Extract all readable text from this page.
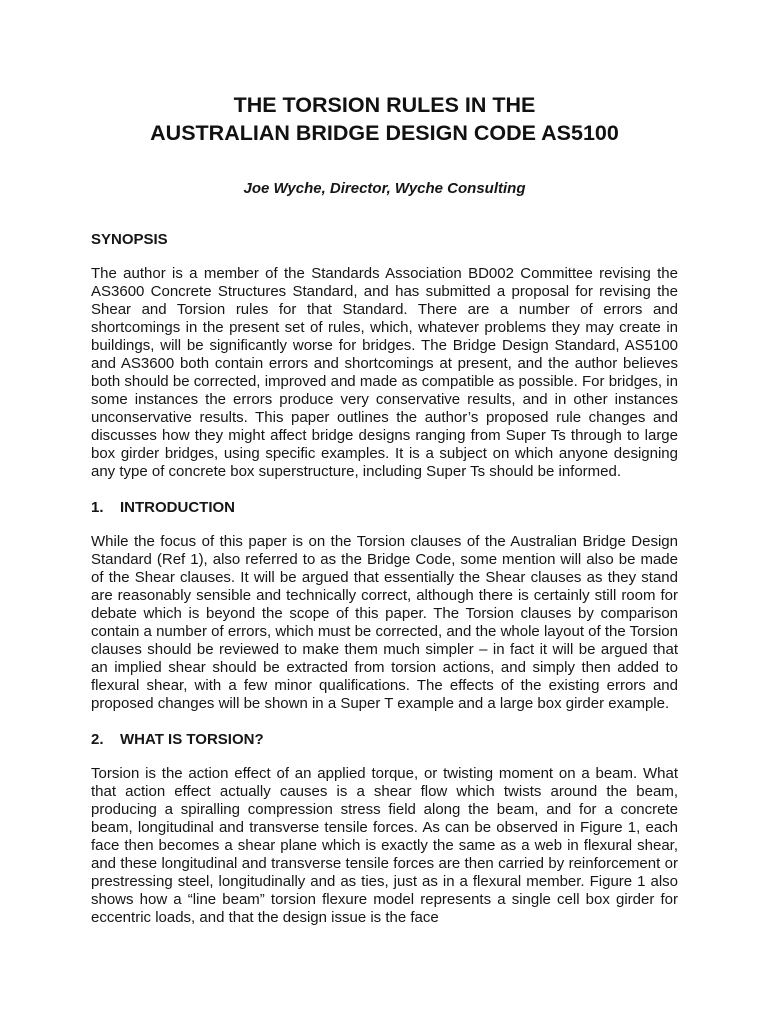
THE TORSION RULES IN THE
AUSTRALIAN BRIDGE DESIGN CODE AS5100

Joe Wyche, Director, Wyche Consulting

SYNOPSIS

The author is a member of the Standards Association BD002 Committee revising the AS3600 Concrete Structures Standard, and has submitted a proposal for revising the Shear and Torsion rules for that Standard. There are a number of errors and shortcomings in the present set of rules, which, whatever problems they may create in buildings, will be significantly worse for bridges. The Bridge Design Standard, AS5100 and AS3600 both contain errors and shortcomings at present, and the author believes both should be corrected, improved and made as compatible as possible. For bridges, in some instances the errors produce very conservative results, and in other instances unconservative results. This paper outlines the author’s proposed rule changes and discusses how they might affect bridge designs ranging from Super Ts through to large box girder bridges, using specific examples. It is a subject on which anyone designing any type of concrete box superstructure, including Super Ts should be informed.

1. INTRODUCTION

While the focus of this paper is on the Torsion clauses of the Australian Bridge Design Standard (Ref 1), also referred to as the Bridge Code, some mention will also be made of the Shear clauses. It will be argued that essentially the Shear clauses as they stand are reasonably sensible and technically correct, although there is certainly still room for debate which is beyond the scope of this paper. The Torsion clauses by comparison contain a number of errors, which must be corrected, and the whole layout of the Torsion clauses should be reviewed to make them much simpler – in fact it will be argued that an implied shear should be extracted from torsion actions, and simply then added to flexural shear, with a few minor qualifications. The effects of the existing errors and proposed changes will be shown in a Super T example and a large box girder example.

2. WHAT IS TORSION?

Torsion is the action effect of an applied torque, or twisting moment on a beam. What that action effect actually causes is a shear flow which twists around the beam, producing a spiralling compression stress field along the beam, and for a concrete beam, longitudinal and transverse tensile forces. As can be observed in Figure 1, each face then becomes a shear plane which is exactly the same as a web in flexural shear, and these longitudinal and transverse tensile forces are then carried by reinforcement or prestressing steel, longitudinally and as ties, just as in a flexural member. Figure 1 also shows how a “line beam” torsion flexure model represents a single cell box girder for eccentric loads, and that the design issue is the face
